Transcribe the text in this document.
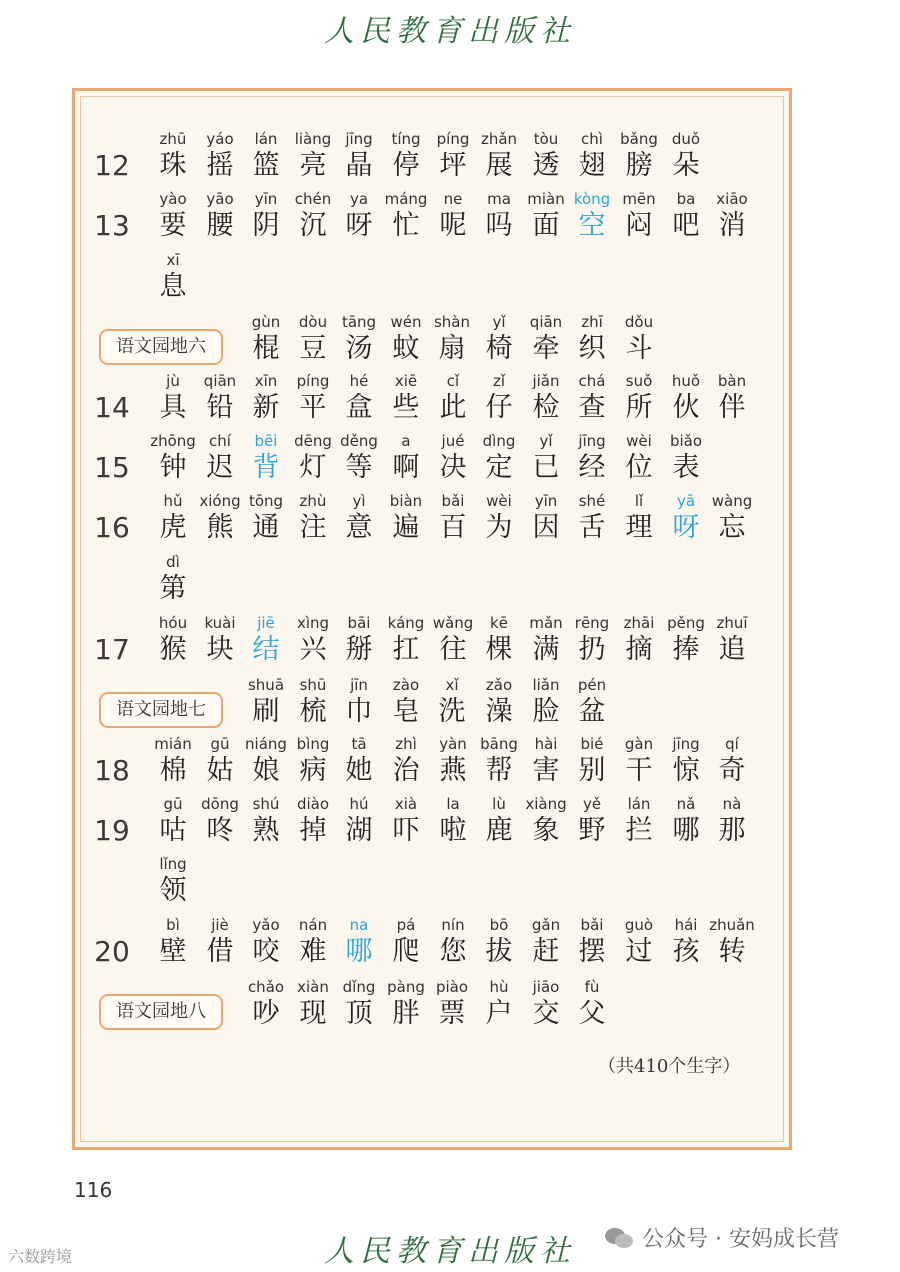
人民教育出版社
12
zhū
珠
yáo
摇
lán
篮
liàng
亮
jīng
晶
tíng
停
píng
坪
zhǎn
展
tòu
透
chì
翅
bǎng
膀
duǒ
朵
13
yào
要
yāo
腰
yīn
阴
chén
沉
ya
呀
máng
忙
ne
呢
ma
吗
miàn
面
kòng
空
mēn
闷
ba
吧
xiāo
消
xī
息
语文园地六
gùn
棍
dòu
豆
tāng
汤
wén
蚊
shàn
扇
yǐ
椅
qiān
牵
zhī
织
dǒu
斗
14
jù
具
qiān
铅
xīn
新
píng
平
hé
盒
xiē
些
cǐ
此
zǐ
仔
jiǎn
检
chá
查
suǒ
所
huǒ
伙
bàn
伴
15
zhōng
钟
chí
迟
bēi
背
dēng
灯
děng
等
a
啊
jué
决
dìng
定
yǐ
已
jīng
经
wèi
位
biǎo
表
16
hǔ
虎
xióng
熊
tōng
通
zhù
注
yì
意
biàn
遍
bǎi
百
wèi
为
yīn
因
shé
舌
lǐ
理
yā
呀
wàng
忘
dì
第
17
hóu
猴
kuài
块
jiē
结
xìng
兴
bāi
掰
káng
扛
wǎng
往
kē
棵
mǎn
满
rēng
扔
zhāi
摘
pěng
捧
zhuī
追
语文园地七
shuā
刷
shū
梳
jīn
巾
zào
皂
xǐ
洗
zǎo
澡
liǎn
脸
pén
盆
18
mián
棉
gū
姑
niáng
娘
bìng
病
tā
她
zhì
治
yàn
燕
bāng
帮
hài
害
bié
别
gàn
干
jīng
惊
qí
奇
19
gū
咕
dōng
咚
shú
熟
diào
掉
hú
湖
xià
吓
la
啦
lù
鹿
xiàng
象
yě
野
lán
拦
nǎ
哪
nà
那
lǐng
领
20
bì
壁
jiè
借
yǎo
咬
nán
难
na
哪
pá
爬
nín
您
bō
拔
gǎn
赶
bǎi
摆
guò
过
hái
孩
zhuǎn
转
语文园地八
chǎo
吵
xiàn
现
dǐng
顶
pàng
胖
piào
票
hù
户
jiāo
交
fù
父
（共410个生字）
116
人民教育出版社	公众号 · 安妈成长营
六数跨境
